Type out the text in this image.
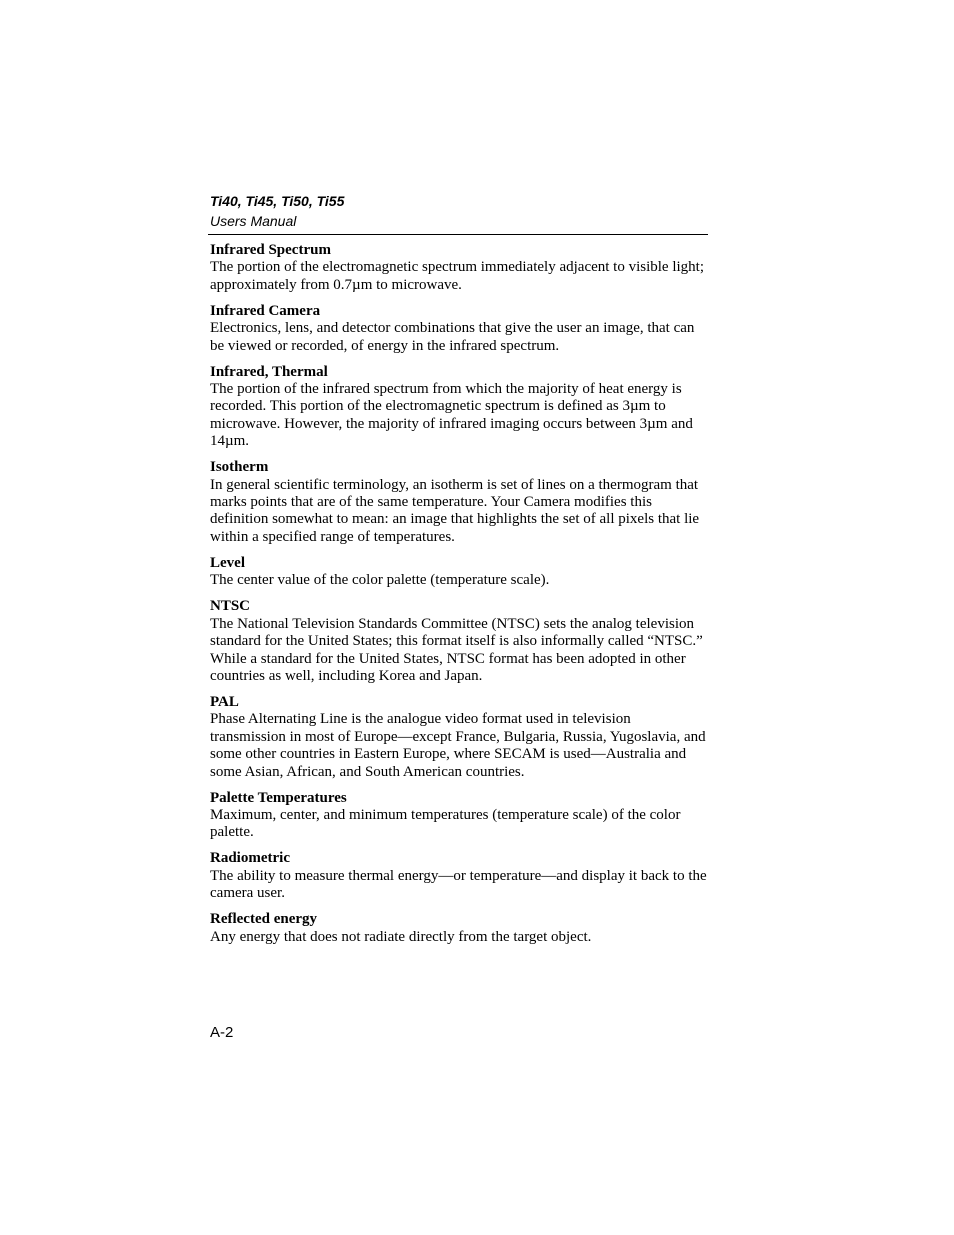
Ti40, Ti45, Ti50, Ti55
Users Manual
Infrared Spectrum

The portion of the electromagnetic spectrum immediately adjacent to visible light; approximately from 0.7µm to microwave.

Infrared Camera

Electronics, lens, and detector combinations that give the user an image, that can be viewed or recorded, of energy in the infrared spectrum.

Infrared, Thermal

The portion of the infrared spectrum from which the majority of heat energy is recorded. This portion of the electromagnetic spectrum is defined as 3µm to microwave. However, the majority of infrared imaging occurs between 3µm and 14µm.

Isotherm

In general scientific terminology, an isotherm is set of lines on a thermogram that marks points that are of the same temperature. Your Camera modifies this definition somewhat to mean: an image that highlights the set of all pixels that lie within a specified range of temperatures.

Level

The center value of the color palette (temperature scale).

NTSC

The National Television Standards Committee (NTSC) sets the analog television standard for the United States; this format itself is also informally called “NTSC.” While a standard for the United States, NTSC format has been adopted in other countries as well, including Korea and Japan.

PAL

Phase Alternating Line is the analogue video format used in television transmission in most of Europe—except France, Bulgaria, Russia, Yugoslavia, and some other countries in Eastern Europe, where SECAM is used—Australia and some Asian, African, and South American countries.

Palette Temperatures

Maximum, center, and minimum temperatures (temperature scale) of the color palette.

Radiometric

The ability to measure thermal energy—or temperature—and display it back to the camera user.

Reflected energy

Any energy that does not radiate directly from the target object.

A-2
